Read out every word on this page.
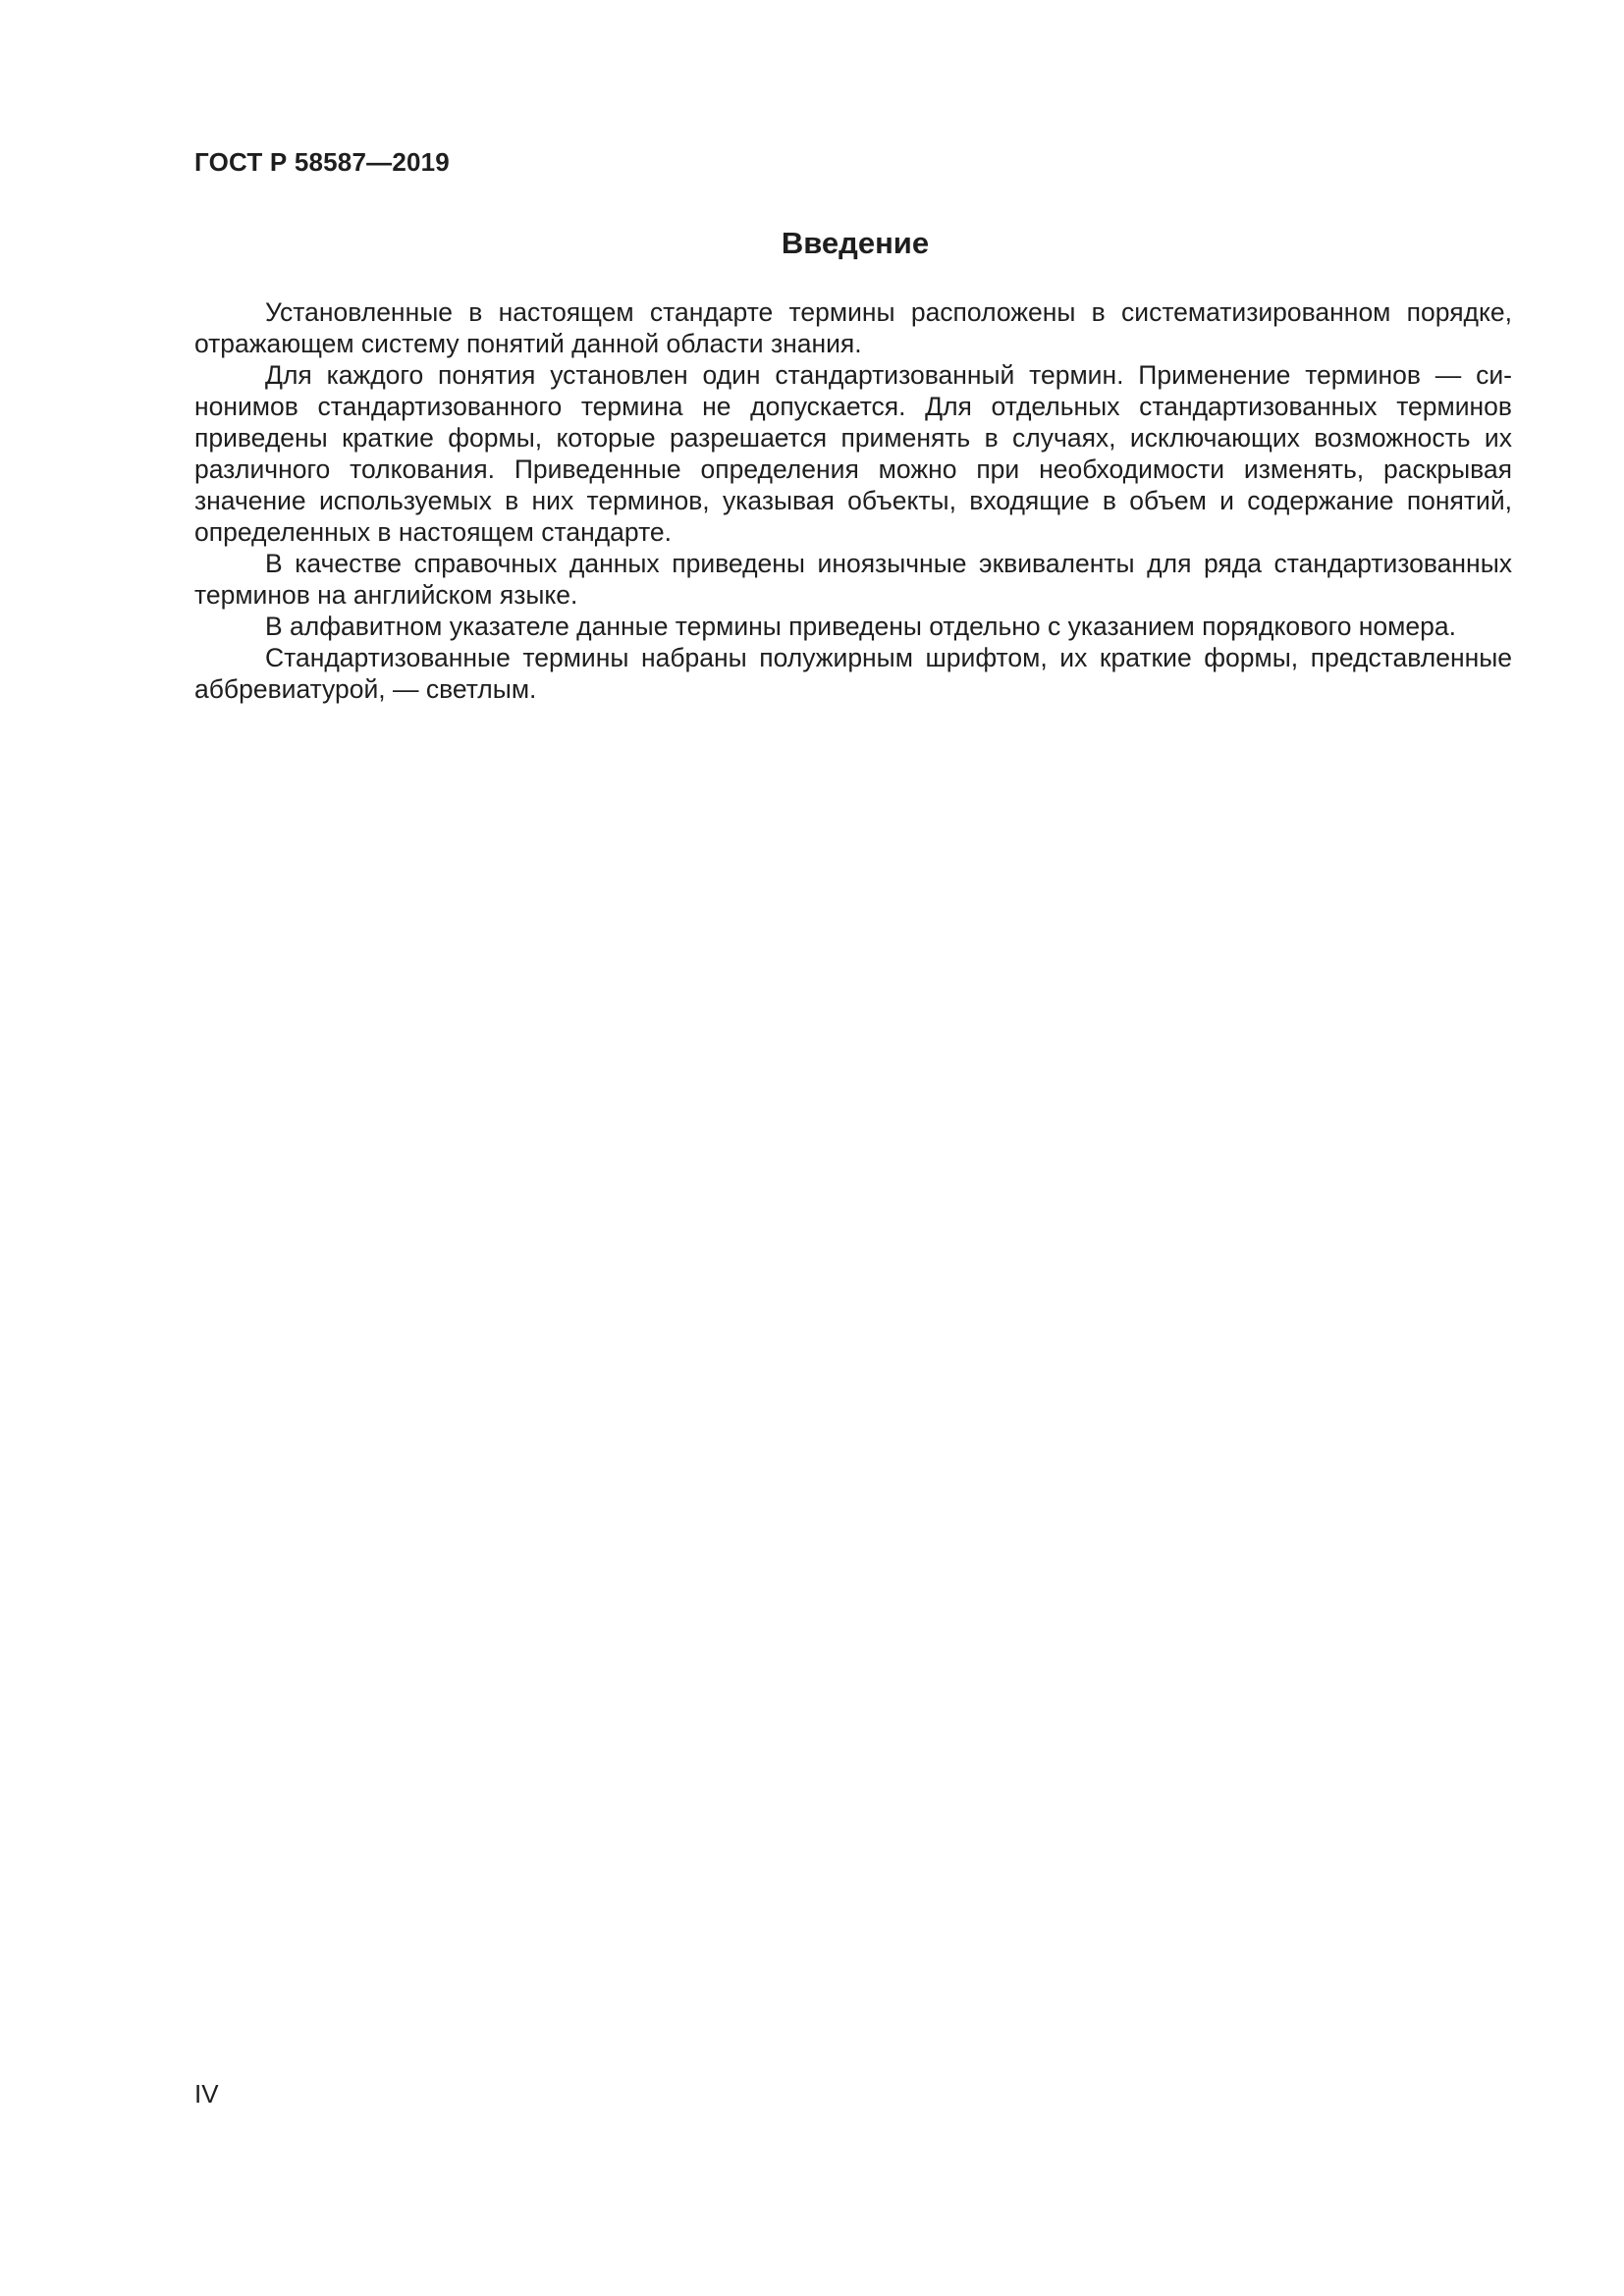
ГОСТ Р 58587—2019
Введение

Установленные в настоящем стандарте термины расположены в систематизированном порядке, отражающем систему понятий данной области знания.

Для каждого понятия установлен один стандартизованный термин. Применение терминов — синонимов стандартизованного термина не допускается. Для отдельных стандартизованных терминов приведены краткие формы, которые разрешается применять в случаях, исключающих возможность их различного толкования. Приведенные определения можно при необходимости изменять, раскрывая значение используемых в них терминов, указывая объекты, входящие в объем и содержание понятий, определенных в настоящем стандарте.

В качестве справочных данных приведены иноязычные эквиваленты для ряда стандартизованных терминов на английском языке.

В алфавитном указателе данные термины приведены отдельно с указанием порядкового номера.

Стандартизованные термины набраны полужирным шрифтом, их краткие формы, представленные аббревиатурой, — светлым.

IV
